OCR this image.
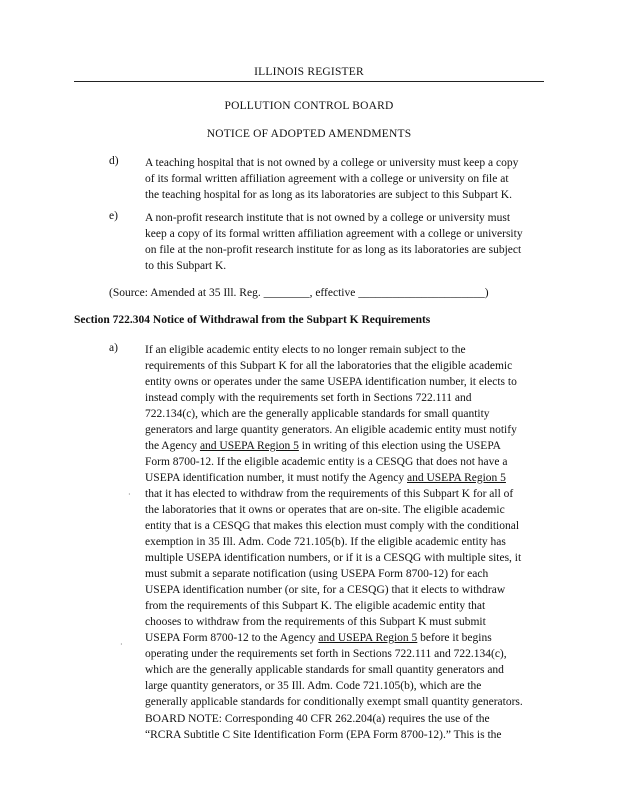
ILLINOIS REGISTER
POLLUTION CONTROL BOARD
NOTICE OF ADOPTED AMENDMENTS
d) A teaching hospital that is not owned by a college or university must keep a copy
of its formal written affiliation agreement with a college or university on file at
the teaching hospital for as long as its laboratories are subject to this Subpart K.
e) A non-profit research institute that is not owned by a college or university must
keep a copy of its formal written affiliation agreement with a college or university
on file at the non-profit research institute for as long as its laboratories are subject
to this Subpart K.
(Source: Amended at 35 Ill. Reg. ________, effective ______________________)
Section 722.304 Notice of Withdrawal from the Subpart K Requirements
a) If an eligible academic entity elects to no longer remain subject to the
requirements of this Subpart K for all the laboratories that the eligible academic
entity owns or operates under the same USEPA identification number, it elects to
instead comply with the requirements set forth in Sections 722.111 and
722.134(c), which are the generally applicable standards for small quantity
generators and large quantity generators. An eligible academic entity must notify
the Agency and USEPA Region 5 in writing of this election using the USEPA
Form 8700-12. If the eligible academic entity is a CESQG that does not have a
USEPA identification number, it must notify the Agency and USEPA Region 5
that it has elected to withdraw from the requirements of this Subpart K for all of
the laboratories that it owns or operates that are on-site. The eligible academic
entity that is a CESQG that makes this election must comply with the conditional
exemption in 35 Ill. Adm. Code 721.105(b). If the eligible academic entity has
multiple USEPA identification numbers, or if it is a CESQG with multiple sites, it
must submit a separate notification (using USEPA Form 8700-12) for each
USEPA identification number (or site, for a CESQG) that it elects to withdraw
from the requirements of this Subpart K. The eligible academic entity that
chooses to withdraw from the requirements of this Subpart K must submit
USEPA Form 8700-12 to the Agency and USEPA Region 5 before it begins
operating under the requirements set forth in Sections 722.111 and 722.134(c),
which are the generally applicable standards for small quantity generators and
large quantity generators, or 35 Ill. Adm. Code 721.105(b), which are the
generally applicable standards for conditionally exempt small quantity generators.
BOARD NOTE: Corresponding 40 CFR 262.204(a) requires the use of the
“RCRA Subtitle C Site Identification Form (EPA Form 8700-12).” This is the
·
·
